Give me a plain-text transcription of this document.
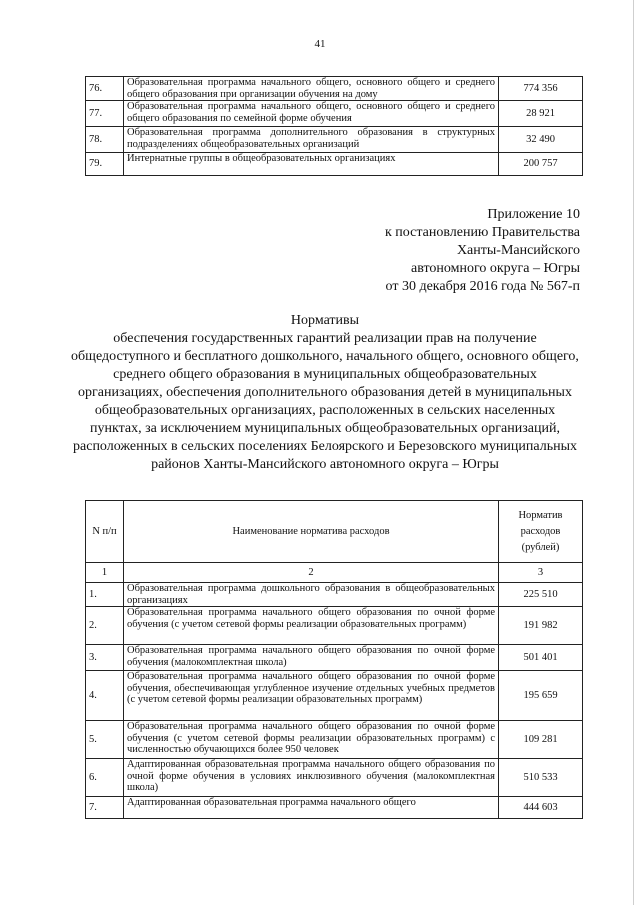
41
76.	Образовательная программа начального общего, основного общего и среднего общего образования при организации обучения на дому	774 356
77.	Образовательная программа начального общего, основного общего и среднего общего образования по семейной форме обучения	28 921
78.	Образовательная программа дополнительного образования в структурных подразделениях общеобразовательных организаций	32 490
79.	Интернатные группы в общеобразовательных организациях	200 757
Приложение 10
к постановлению Правительства
Ханты-Мансийского
автономного округа – Югры
от 30 декабря 2016 года № 567-п
Нормативы
обеспечения государственных гарантий реализации прав на получение общедоступного и бесплатного дошкольного, начального общего, основного общего, среднего общего образования в муниципальных общеобразовательных организациях, обеспечения дополнительного образования детей в муниципальных общеобразовательных организациях, расположенных в сельских населенных пунктах, за исключением муниципальных общеобразовательных организаций, расположенных в сельских поселениях Белоярского и Березовского муниципальных районов Ханты-Мансийского автономного округа – Югры
N п/п	Наименование норматива расходов	Норматив расходов (рублей)
1	2	3
1.	Образовательная программа дошкольного образования в общеобразовательных организациях	225 510
2.	Образовательная программа начального общего образования по очной форме обучения (с учетом сетевой формы реализации образовательных программ)	191 982
3.	Образовательная программа начального общего образования по очной форме обучения (малокомплектная школа)	501 401
4.	Образовательная программа начального общего образования по очной форме обучения, обеспечивающая углубленное изучение отдельных учебных предметов (с учетом сетевой формы реализации образовательных программ)	195 659
5.	Образовательная программа начального общего образования по очной форме обучения (с учетом сетевой формы реализации образовательных программ) с численностью обучающихся более 950 человек	109 281
6.	Адаптированная образовательная программа начального общего образования по очной форме обучения в условиях инклюзивного обучения (малокомплектная школа)	510 533
7.	Адаптированная образовательная программа начального общего	444 603
